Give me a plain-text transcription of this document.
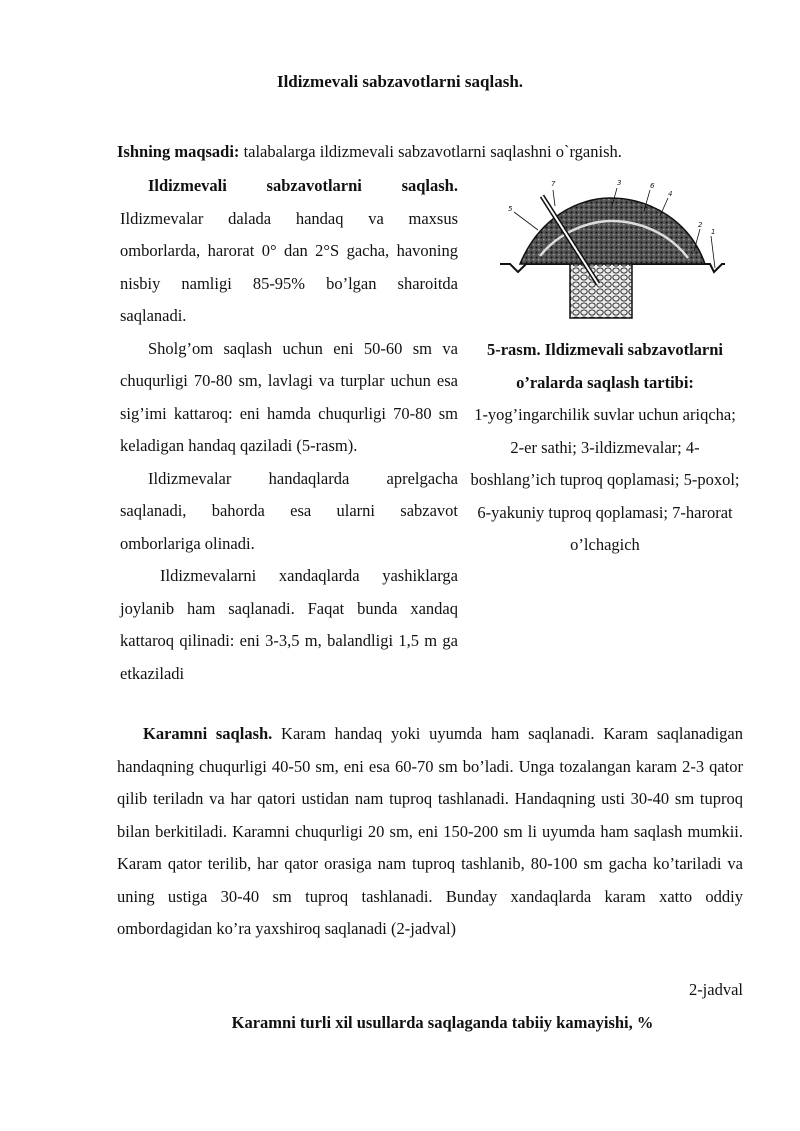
Ildizmevali sabzavotlarni saqlash.
Ishning maqsadi: talabalarga ildizmevali sabzavotlarni saqlashni o`rganish.

Ildizmevali sabzavotlarni saqlash. Ildizmevalar dalada handaq va maxsus omborlarda, harorat 0° dan 2°S gacha, havoning nisbiy namligi 85-95% bo’lgan sharoitda saqlanadi.

Sholg’om saqlash uchun eni 50-60 sm va chuqurligi 70-80 sm, lavlagi va turplar uchun esa sig’imi kattaroq: eni hamda chuqurligi 70-80 sm keladigan handaq qaziladi (5-rasm).

Ildizmevalar handaqlarda aprelgacha saqlanadi, bahorda esa ularni sabzavot omborlariga olinadi.

Ildizmevalarni xandaqlarda yashiklarga joylanib ham saqlanadi. Faqat bunda xandaq kattaroq qilinadi: eni 3-3,5 m, balandligi 1,5 m ga etkaziladi

7	3	6
4
5
2
1
5-rasm. Ildizmevali sabzavotlarni o’ralarda saqlash tartibi:
1-yog’ingarchilik suvlar uchun ariqcha; 2-er sathi; 3-ildizmevalar; 4-boshlang’ich tuproq qoplamasi; 5-poxol; 6-yakuniy tuproq qoplamasi; 7-harorat o’lchagich

Karamni saqlash. Karam handaq yoki uyumda ham saqlanadi. Karam saqlanadigan handaqning chuqurligi 40-50 sm, eni esa 60-70 sm bo’ladi. Unga tozalangan karam 2-3 qator qilib teriladn va har qatori ustidan nam tuproq tashlanadi. Handaqning usti 30-40 sm tuproq bilan berkitiladi. Karamni chuqurligi 20 sm, eni 150-200 sm li uyumda ham saqlash mumkii. Karam qator terilib, har qator orasiga nam tuproq tashlanib, 80-100 sm gacha ko’tariladi va uning ustiga 30-40 sm tuproq tashlanadi. Bunday xandaqlarda karam xatto oddiy ombordagidan ko’ra yaxshiroq saqlanadi (2-jadval)

2-jadval
Karamni turli xil usullarda saqlaganda tabiiy kamayishi, %
